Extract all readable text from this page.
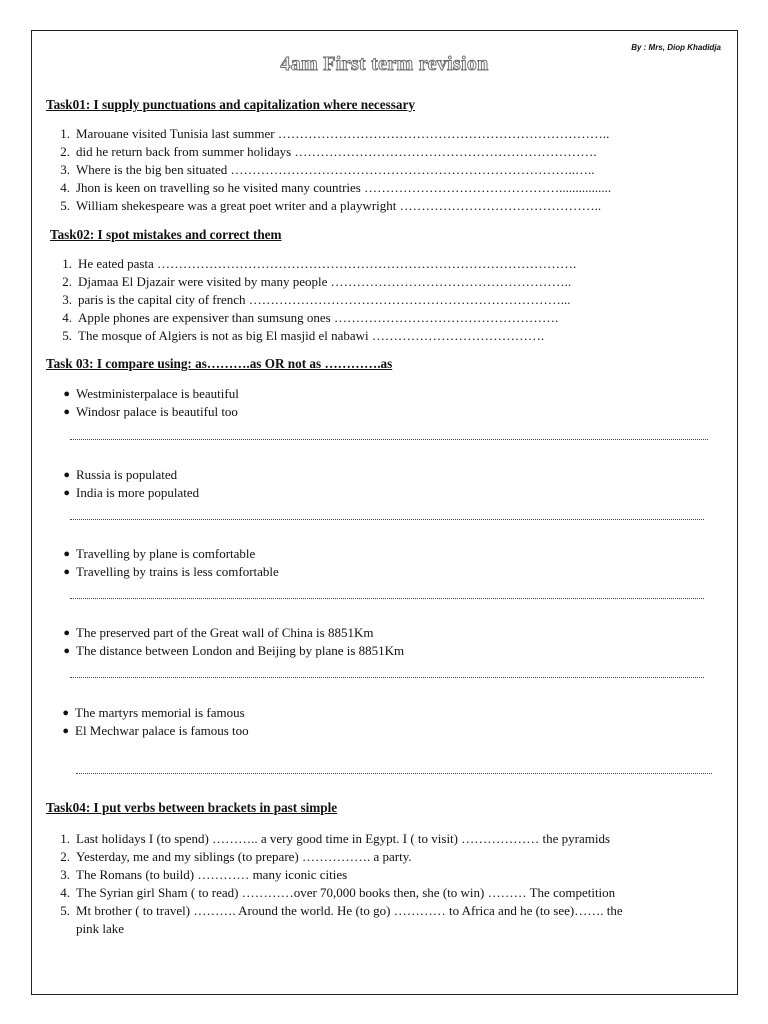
By : Mrs, Diop Khadidja
4am First term revision
Task01: I supply punctuations and capitalization where necessary
1. Marouane visited Tunisia last summer …………………………………………………………………..

2. did he return back from summer holidays …………………………………………………………….

3. Where is the big ben situated ……………………………………………………………………..…..

4. Jhon is keen on travelling so he visited many countries ………………………………………................

5. William shekespeare was a great poet writer and a playwright ………………………………………..

Task02: I spot mistakes and correct them
1. He eated pasta …………………………………………………………………………………….

2. Djamaa El Djazair were visited by many people ………………………………………………..

3. paris is the capital city of french ………………………………………………………………...

4. Apple phones are expensiver than sumsung ones …………………………………………….

5. The mosque of Algiers is not as big El masjid el nabawi ………………………………….

Task 03: I compare using: as……….as OR not as ………….as
● Westministerpalace is beautiful

● Windosr palace is beautiful too

● Russia is populated

● India is more populated

● Travelling by plane is comfortable

● Travelling by trains is less comfortable

● The preserved part of the Great wall of China is 8851Km

● The distance between London and Beijing by plane is 8851Km

● The martyrs memorial is famous

● El Mechwar palace is famous too

Task04: I put verbs between brackets in past simple
1. Last holidays I (to spend) ……….. a very good time in Egypt. I ( to visit) ……………… the pyramids

2. Yesterday, me and my siblings (to prepare) ……………. a party.

3. The Romans (to build) ………… many iconic cities

4. The Syrian girl Sham ( to read) …………over 70,000 books then, she (to win) ……… The competition

5. Mt brother ( to travel) ………. Around the world. He (to go) ………… to Africa and he (to see)……. the

pink lake
